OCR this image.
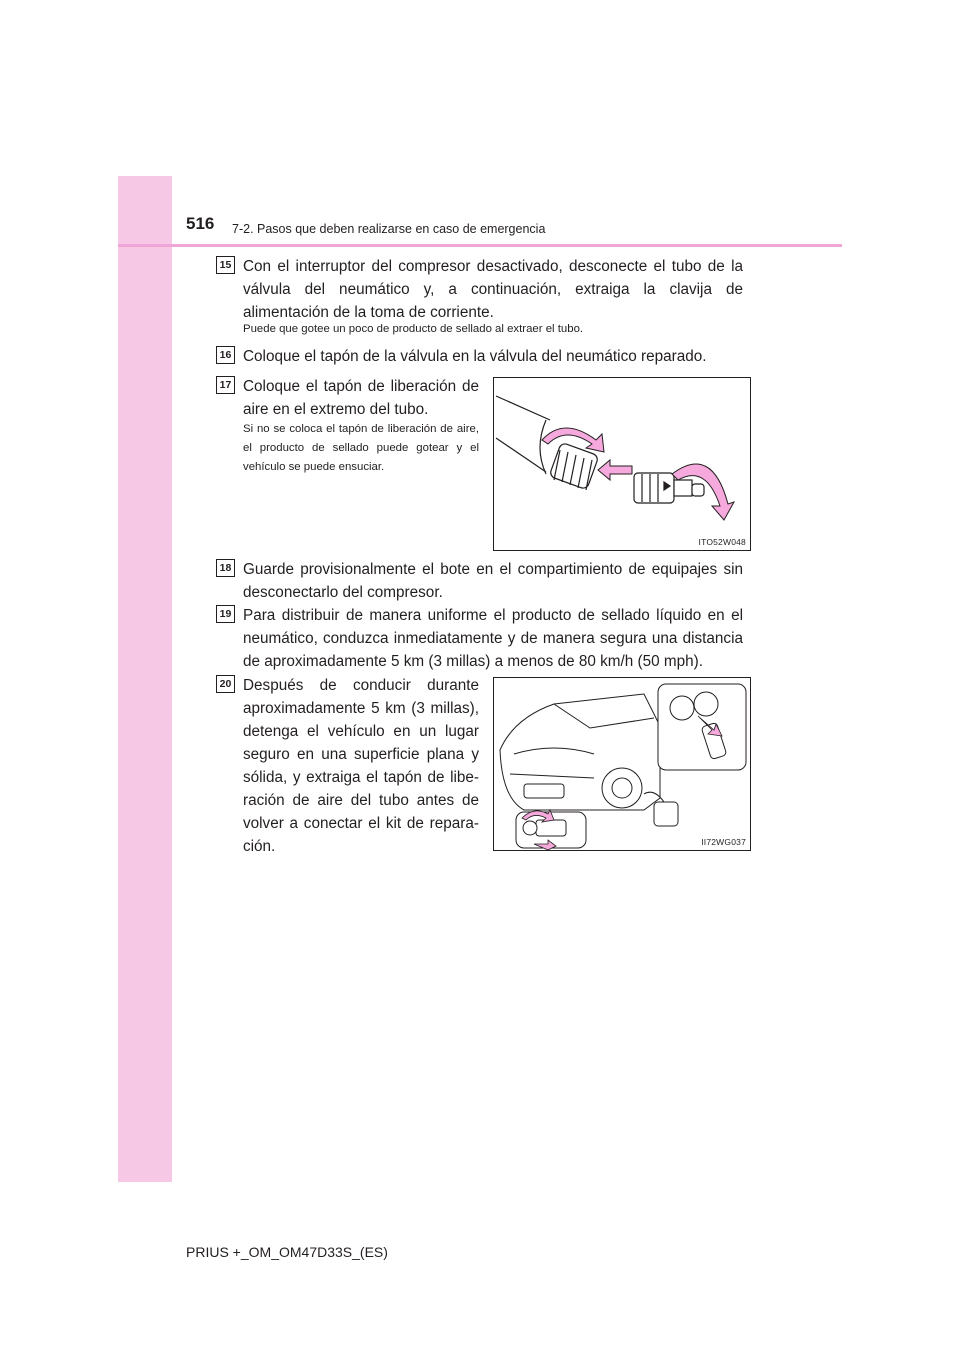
516 7-2. Pasos que deben realizarse en caso de emergencia
15 Con el interruptor del compresor desactivado, desconecte el tubo de la válvula del neumático y, a continuación, extraiga la clavija de alimentación de la toma de corriente.
Puede que gotee un poco de producto de sellado al extraer el tubo.
16 Coloque el tapón de la válvula en la válvula del neumático reparado.
17 Coloque el tapón de liberación de aire en el extremo del tubo.
Si no se coloca el tapón de liberación de aire, el producto de sellado puede gotear y el vehículo se puede ensuciar.
ITO52W048
18 Guarde provisionalmente el bote en el compartimiento de equipajes sin desconectarlo del compresor.
19 Para distribuir de manera uniforme el producto de sellado líquido en el neumático, conduzca inmediatamente y de manera segura una distancia de aproximadamente 5 km (3 millas) a menos de 80 km/h (50 mph).
20 Después de conducir durante aproximadamente 5 km (3 millas), detenga el vehículo en un lugar seguro en una superficie plana y sólida, y extraiga el tapón de libe-ración de aire del tubo antes de volver a conectar el kit de repara-ción.	II72WG037
PRIUS +_OM_OM47D33S_(ES)
